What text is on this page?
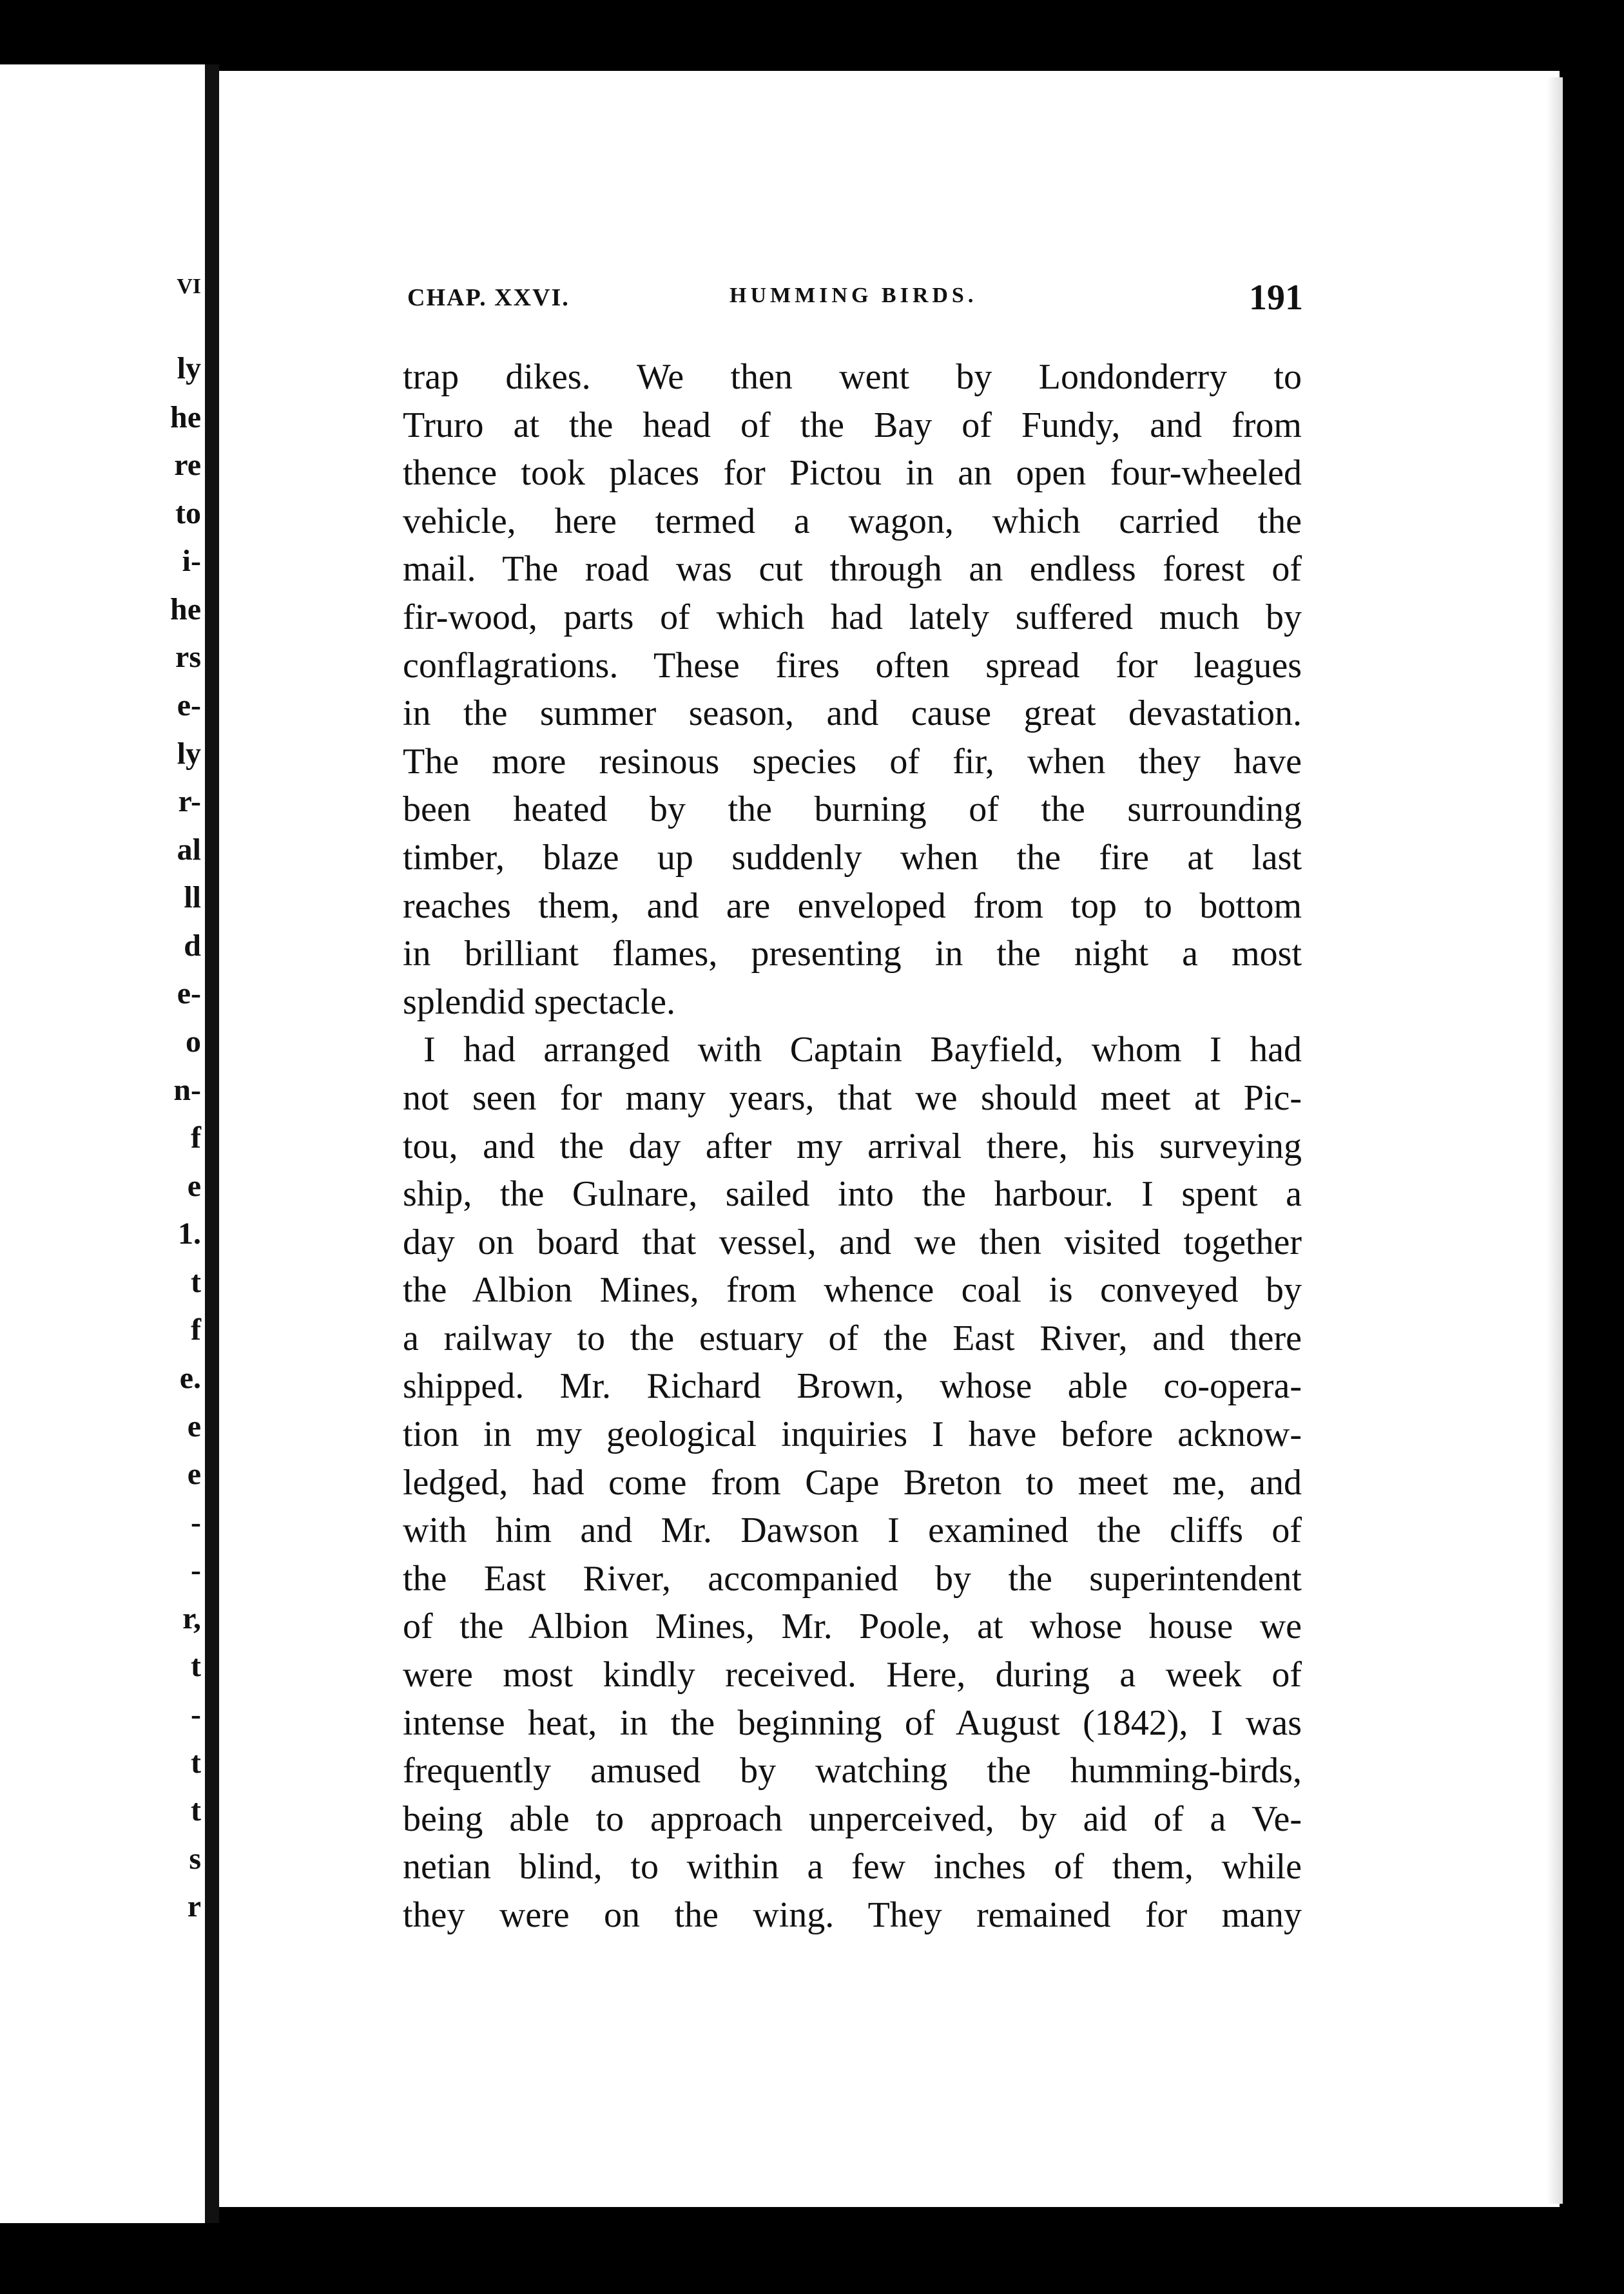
VI
ly
he
re
to
i-
he
rs
e-
ly
r-
al
ll
d
e-
o
n-
f
e
1.
t
f
e.
e
e
-
-
r,
t
-
t
t
s
r
CHAP. XXVI.	HUMMING BIRDS.	191
trap dikes. We then went by Londonderry to
Truro at the head of the Bay of Fundy, and from
thence took places for Pictou in an open four-wheeled
vehicle, here termed a wagon, which carried the
mail. The road was cut through an endless forest of
fir-wood, parts of which had lately suffered much by
conflagrations. These fires often spread for leagues
in the summer season, and cause great devastation.
The more resinous species of fir, when they have
been heated by the burning of the surrounding
timber, blaze up suddenly when the fire at last
reaches them, and are enveloped from top to bottom
in brilliant flames, presenting in the night a most
splendid spectacle.
I had arranged with Captain Bayfield, whom I had
not seen for many years, that we should meet at Pic-
tou, and the day after my arrival there, his surveying
ship, the Gulnare, sailed into the harbour. I spent a
day on board that vessel, and we then visited together
the Albion Mines, from whence coal is conveyed by
a railway to the estuary of the East River, and there
shipped. Mr. Richard Brown, whose able co-opera-
tion in my geological inquiries I have before acknow-
ledged, had come from Cape Breton to meet me, and
with him and Mr. Dawson I examined the cliffs of
the East River, accompanied by the superintendent
of the Albion Mines, Mr. Poole, at whose house we
were most kindly received. Here, during a week of
intense heat, in the beginning of August (1842), I was
frequently amused by watching the humming-birds,
being able to approach unperceived, by aid of a Ve-
netian blind, to within a few inches of them, while
they were on the wing. They remained for many
